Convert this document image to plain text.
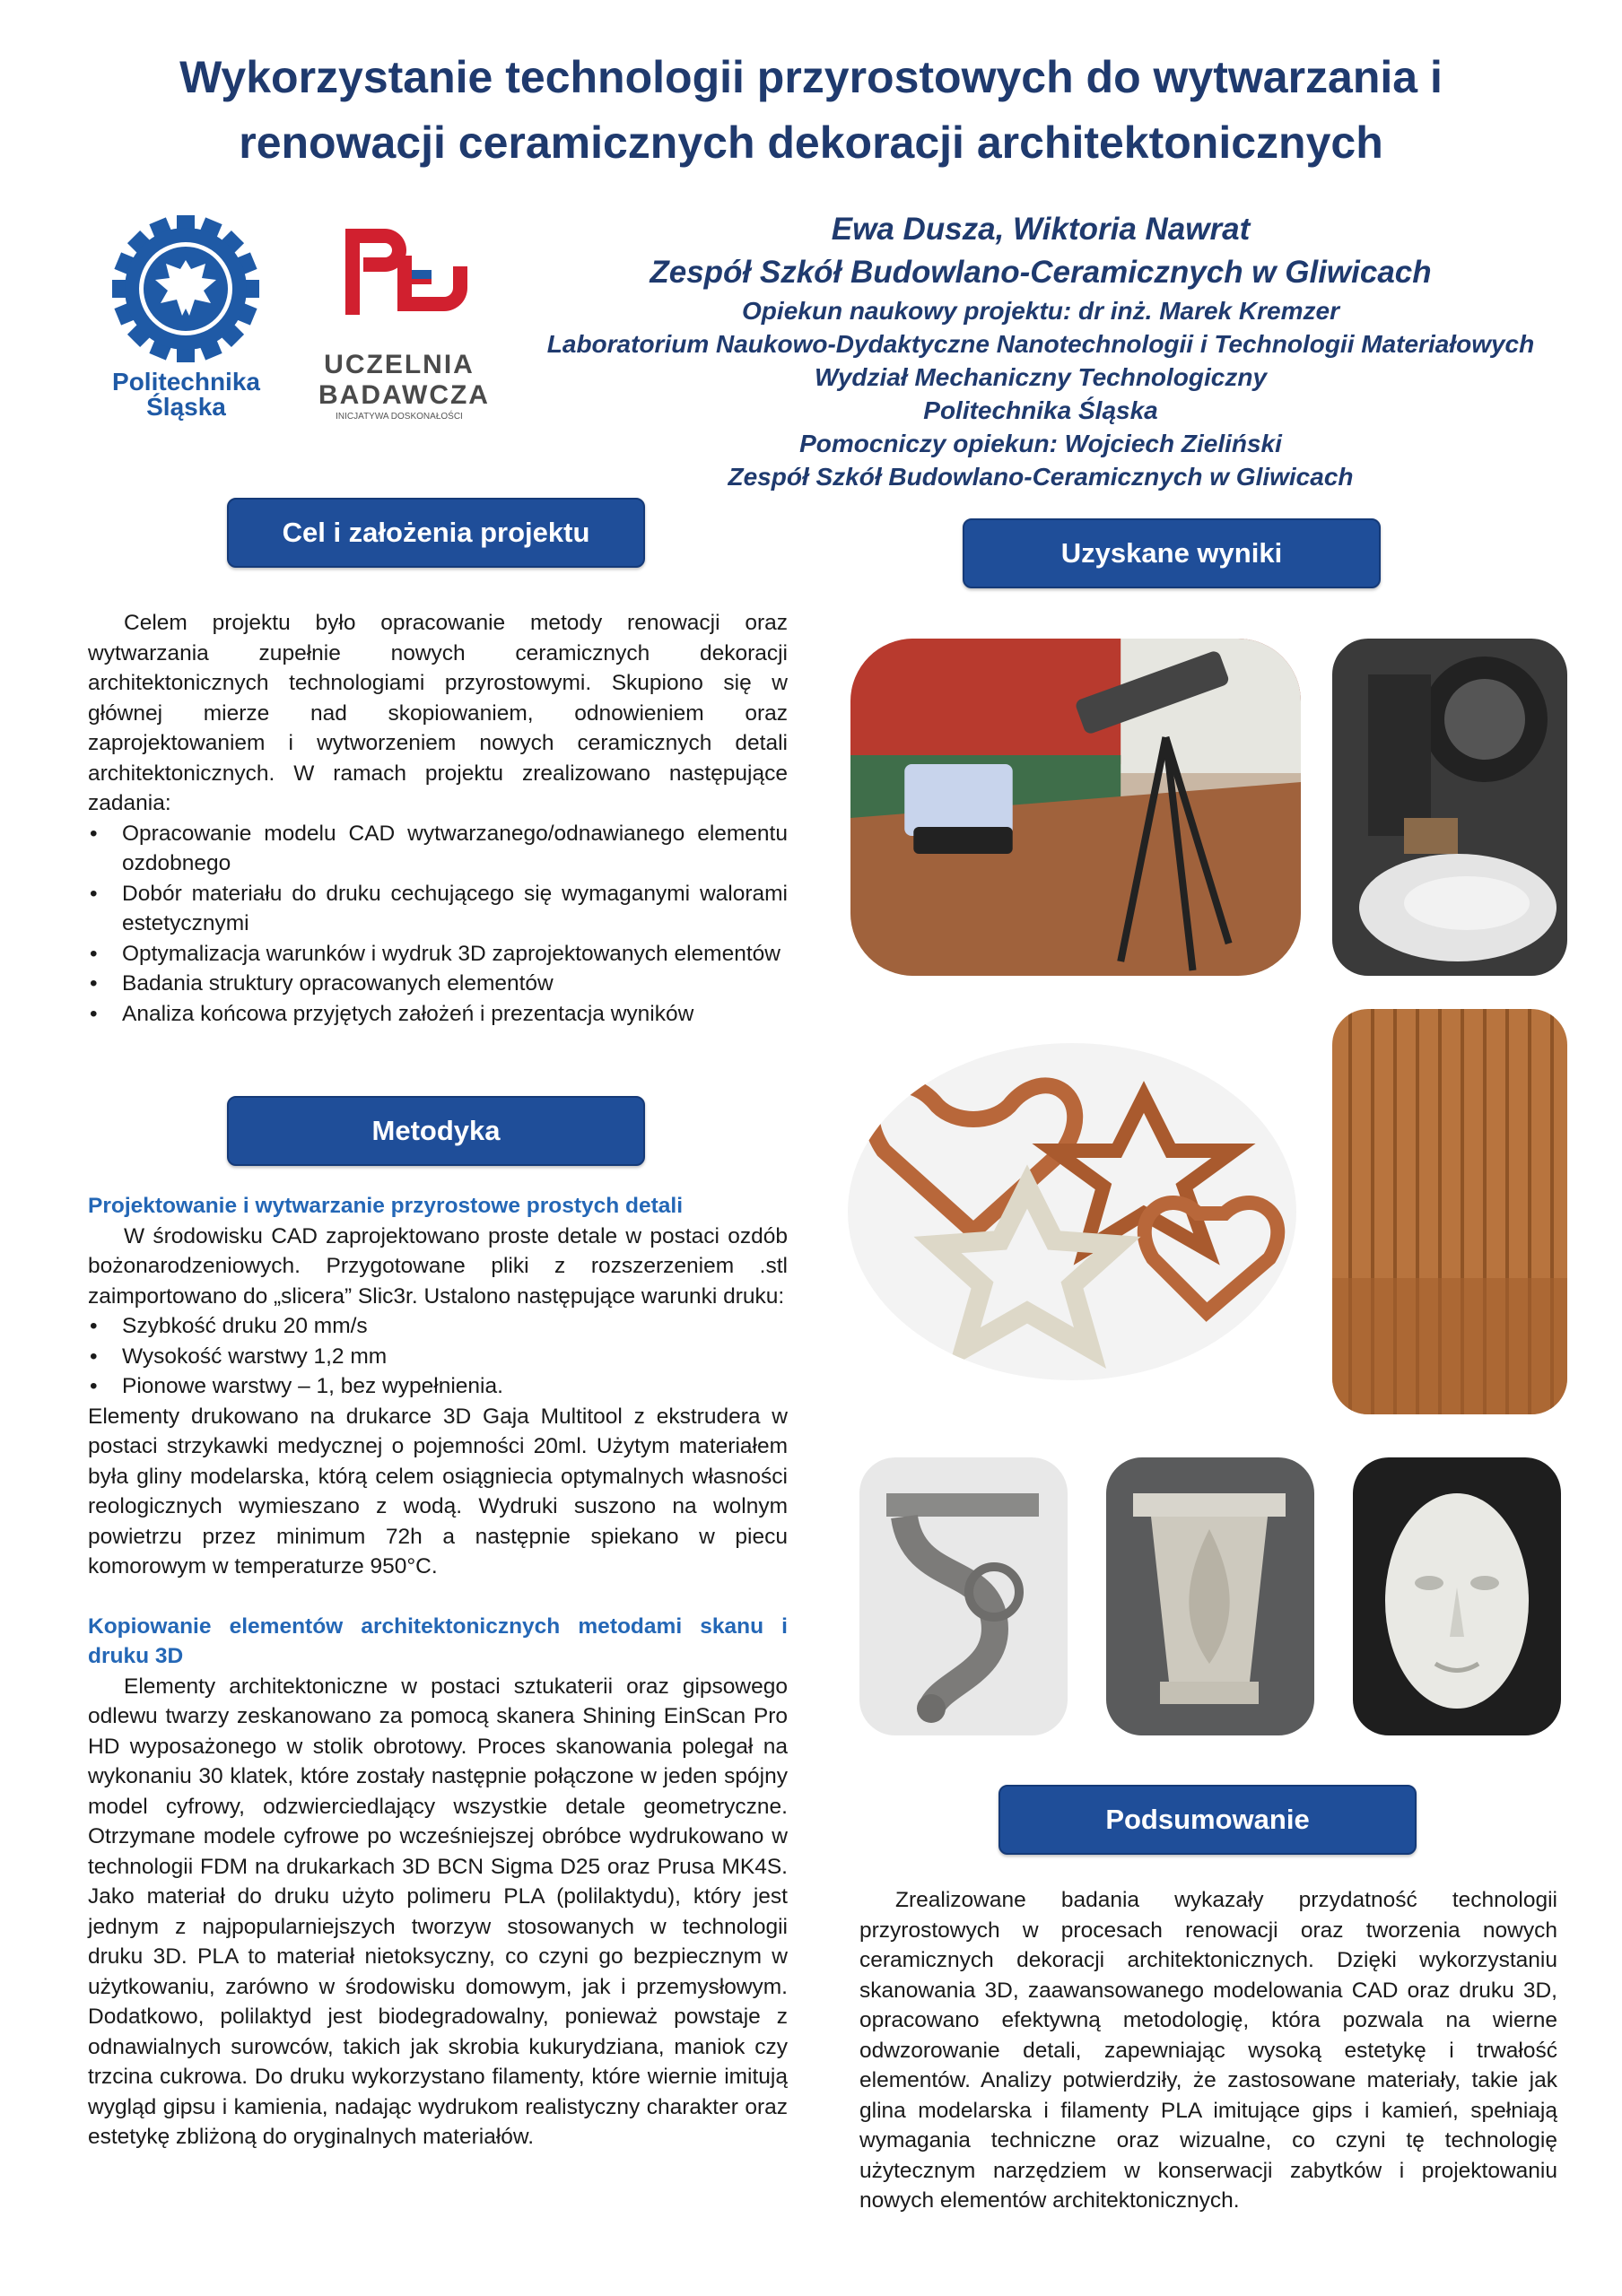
Wykorzystanie technologii przyrostowych do wytwarzania i
renowacji ceramicznych dekoracji architektonicznych
Politechnika
Śląska
UCZELNIA
BADAWCZA
INICJATYWA DOSKONAŁOŚCI
Ewa Dusza, Wiktoria Nawrat
Zespół Szkół Budowlano-Ceramicznych w Gliwicach
Opiekun naukowy projektu: dr inż. Marek Kremzer
Laboratorium Naukowo-Dydaktyczne Nanotechnologii i Technologii Materiałowych
Wydział Mechaniczny Technologiczny
Politechnika Śląska
Pomocniczy opiekun: Wojciech Zieliński
Zespół Szkół Budowlano-Ceramicznych w Gliwicach
Cel i założenia projektu

Celem projektu było opracowanie metody renowacji oraz wytwarzania zupełnie nowych ceramicznych dekoracji architektonicznych technologiami przyrostowymi. Skupiono się w głównej mierze nad skopiowaniem, odnowieniem oraz zaprojektowaniem i wytworzeniem nowych ceramicznych detali architektonicznych. W ramach projektu zrealizowano następujące zadania:

• Opracowanie modelu CAD wytwarzanego/odnawianego elementu ozdobnego
• Dobór materiału do druku cechującego się wymaganymi walorami estetycznymi
• Optymalizacja warunków i wydruk 3D zaprojektowanych elementów
• Badania struktury opracowanych elementów
• Analiza końcowa przyjętych założeń i prezentacja wyników
Metodyka
Projektowanie i wytwarzanie przyrostowe prostych detali

W środowisku CAD zaprojektowano proste detale w postaci ozdób bożonarodzeniowych. Przygotowane pliki z rozszerzeniem .stl zaimportowano do „slicera” Slic3r. Ustalono następujące warunki druku:

• Szybkość druku 20 mm/s
• Wysokość warstwy 1,2 mm
• Pionowe warstwy – 1, bez wypełnienia.

Elementy drukowano na drukarce 3D Gaja Multitool z ekstrudera w postaci strzykawki medycznej o pojemności 20ml. Użytym materiałem była gliny modelarska, którą celem osiągniecia optymalnych własności reologicznych wymieszano z wodą. Wydruki suszono na wolnym powietrzu przez minimum 72h a następnie spiekano w piecu komorowym w temperaturze 950°C.

Kopiowanie elementów architektonicznych metodami skanu i druku 3D

Elementy architektoniczne w postaci sztukaterii oraz gipsowego odlewu twarzy zeskanowano za pomocą skanera Shining EinScan Pro HD wyposażonego w stolik obrotowy. Proces skanowania polegał na wykonaniu 30 klatek, które zostały następnie połączone w jeden spójny model cyfrowy, odzwierciedlający wszystkie detale geometryczne. Otrzymane modele cyfrowe po wcześniejszej obróbce wydrukowano w technologii FDM na drukarkach 3D BCN Sigma D25 oraz Prusa MK4S. Jako materiał do druku użyto polimeru PLA (polilaktydu), który jest jednym z najpopularniejszych tworzyw stosowanych w technologii druku 3D. PLA to materiał nietoksyczny, co czyni go bezpiecznym w użytkowaniu, zarówno w środowisku domowym, jak i przemysłowym. Dodatkowo, polilaktyd jest biodegradowalny, ponieważ powstaje z odnawialnych surowców, takich jak skrobia kukurydziana, maniok czy trzcina cukrowa. Do druku wykorzystano filamenty, które wiernie imitują wygląd gipsu i kamienia, nadając wydrukom realistyczny charakter oraz estetykę zbliżoną do oryginalnych materiałów.

Uzyskane wyniki
Podsumowanie

Zrealizowane badania wykazały przydatność technologii przyrostowych w procesach renowacji oraz tworzenia nowych ceramicznych dekoracji architektonicznych. Dzięki wykorzystaniu skanowania 3D, zaawansowanego modelowania CAD oraz druku 3D, opracowano efektywną metodologię, która pozwala na wierne odwzorowanie detali, zapewniając wysoką estetykę i trwałość elementów. Analizy potwierdziły, że zastosowane materiały, takie jak glina modelarska i filamenty PLA imitujące gips i kamień, spełniają wymagania techniczne oraz wizualne, co czyni tę technologię użytecznym narzędziem w konserwacji zabytków i projektowaniu nowych elementów architektonicznych.
